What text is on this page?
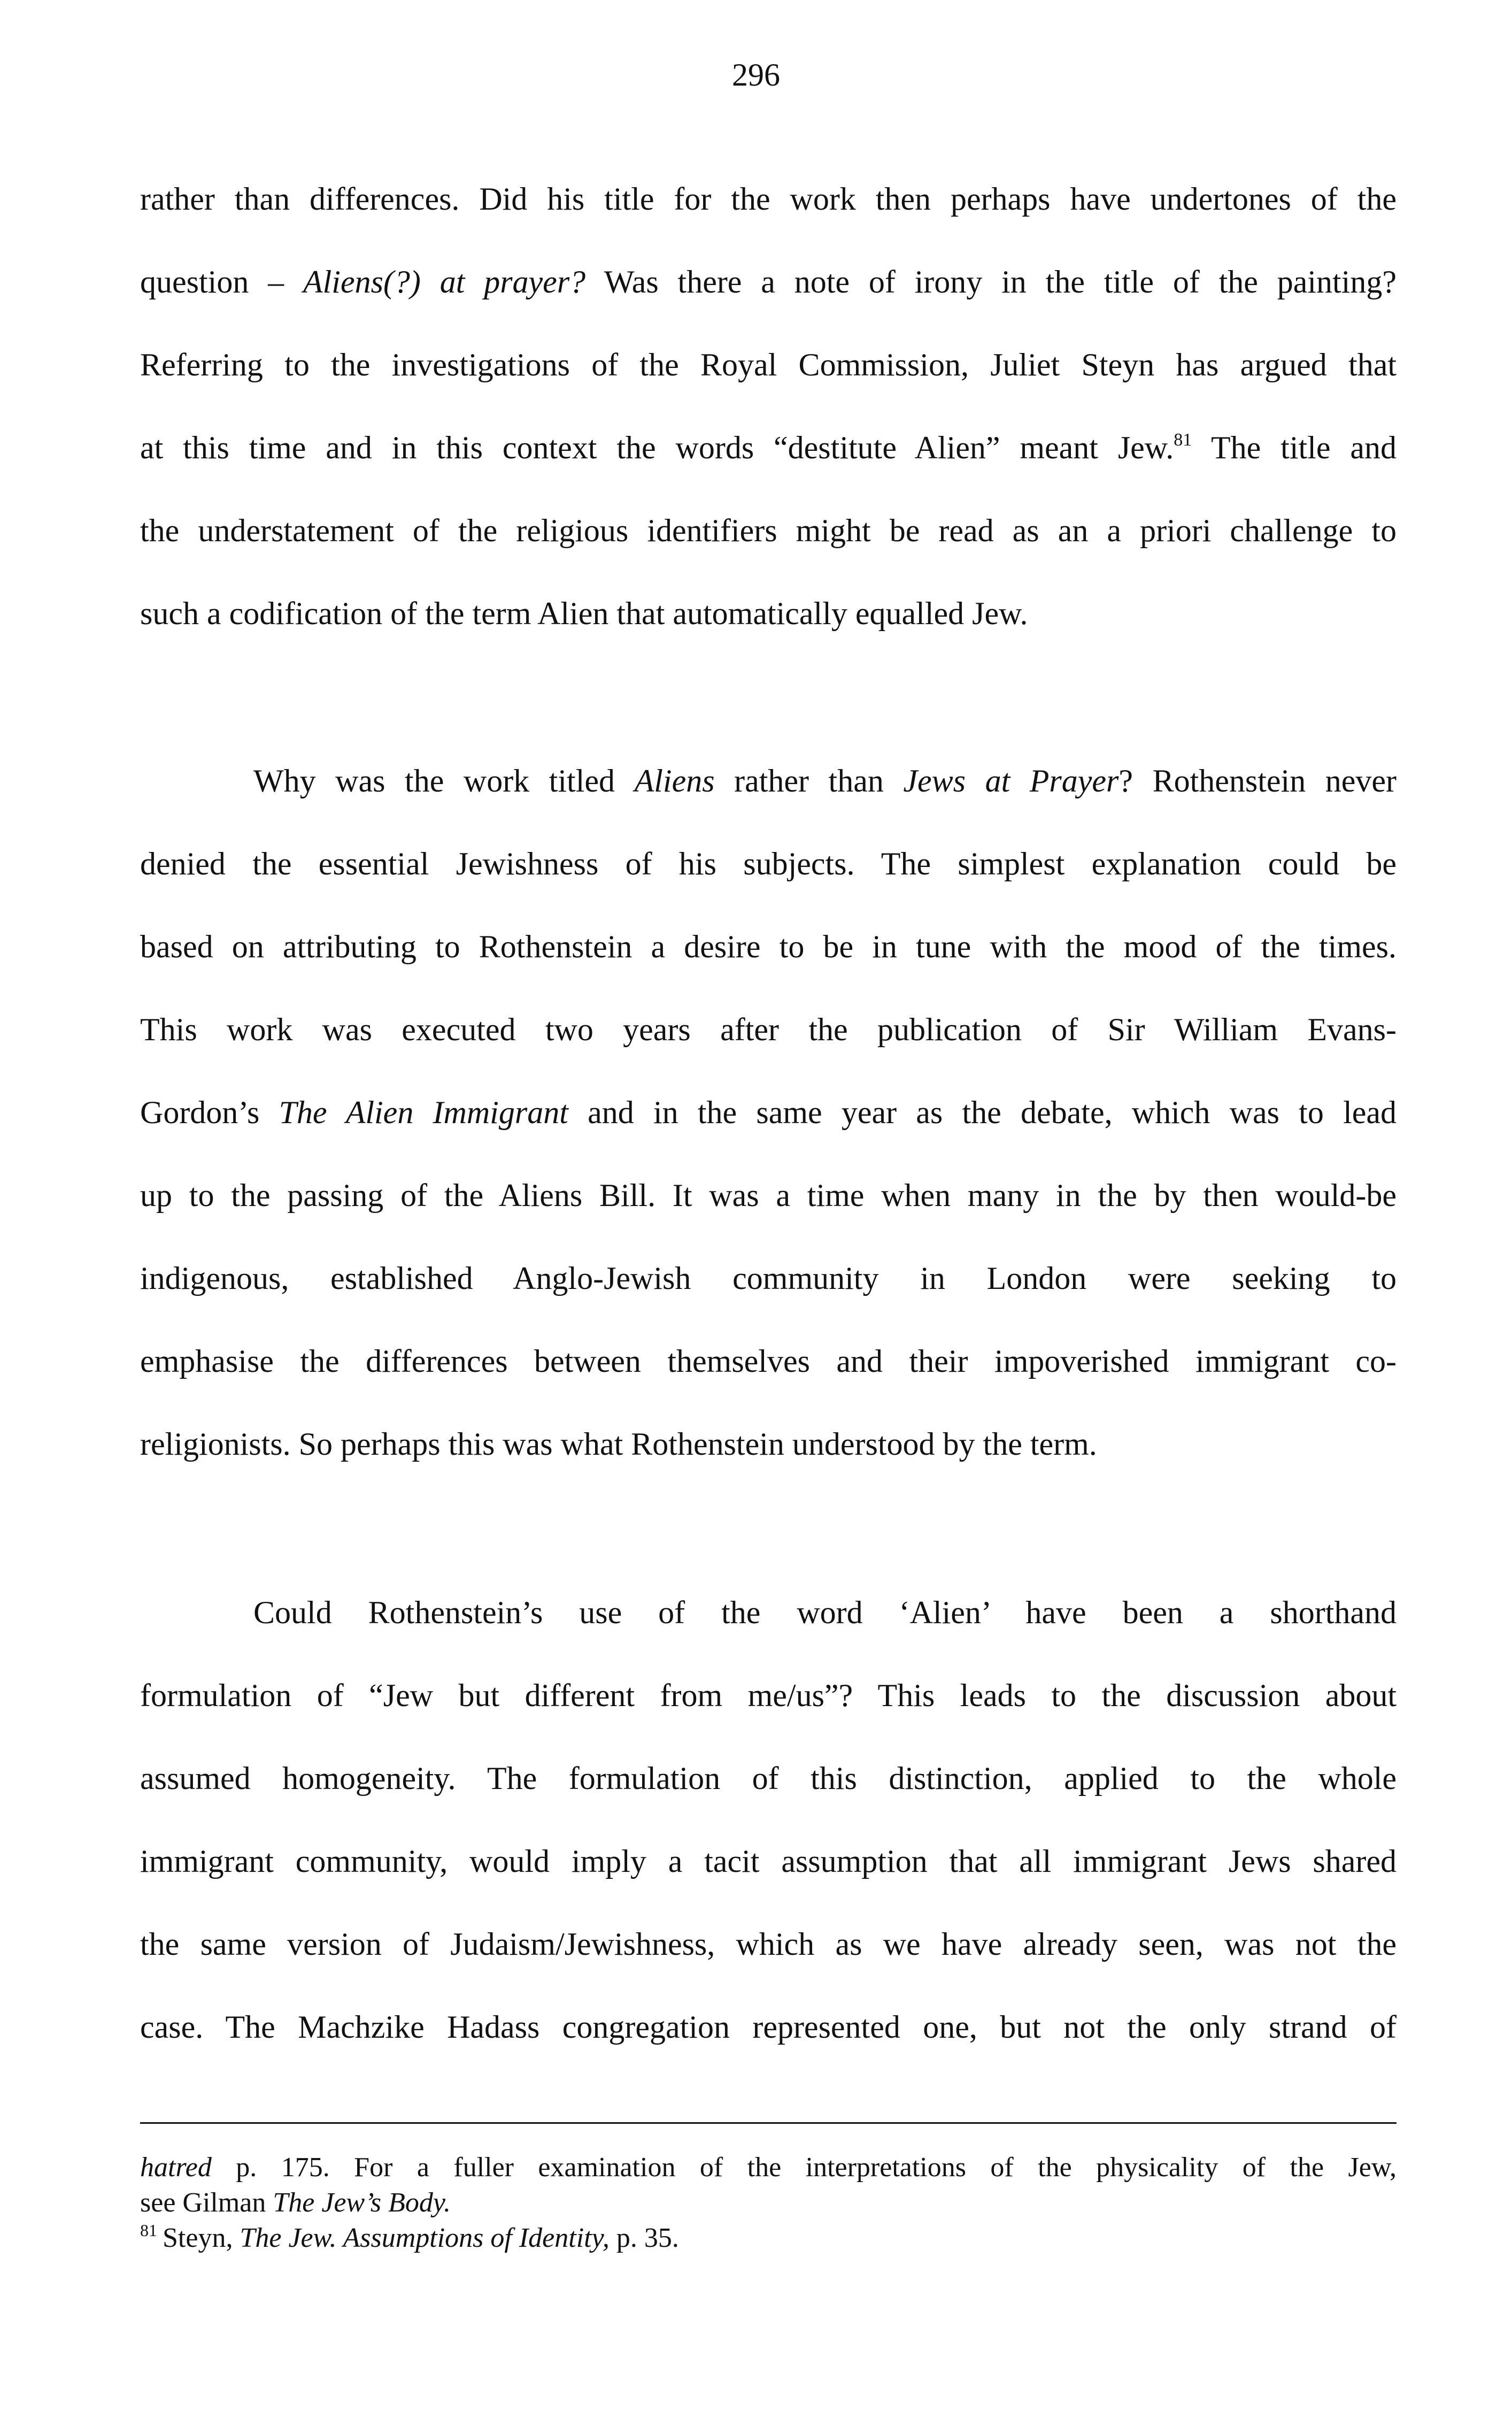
296
rather than differences. Did his title for the work then perhaps have undertones of the
question – Aliens(?) at prayer? Was there a note of irony in the title of the painting?
Referring to the investigations of the Royal Commission, Juliet Steyn has argued that
at this time and in this context the words “destitute Alien” meant Jew.$^{81}$ The title and
the understatement of the religious identifiers might be read as an a priori challenge to
such a codification of the term Alien that automatically equalled Jew.
Why was the work titled Aliens rather than Jews at Prayer? Rothenstein never
denied the essential Jewishness of his subjects. The simplest explanation could be
based on attributing to Rothenstein a desire to be in tune with the mood of the times.
This work was executed two years after the publication of Sir William Evans-
Gordon’s The Alien Immigrant and in the same year as the debate, which was to lead
up to the passing of the Aliens Bill. It was a time when many in the by then would-be
indigenous, established Anglo-Jewish community in London were seeking to
emphasise the differences between themselves and their impoverished immigrant co-
religionists. So perhaps this was what Rothenstein understood by the term.
Could Rothenstein’s use of the word ‘Alien’ have been a shorthand
formulation of “Jew but different from me/us”? This leads to the discussion about
assumed homogeneity. The formulation of this distinction, applied to the whole
immigrant community, would imply a tacit assumption that all immigrant Jews shared
the same version of Judaism/Jewishness, which as we have already seen, was not the
case. The Machzike Hadass congregation represented one, but not the only strand of
hatred p. 175. For a fuller examination of the interpretations of the physicality of the Jew,
see Gilman The Jew’s Body.
$^{81}$ Steyn, The Jew. Assumptions of Identity, p. 35.
